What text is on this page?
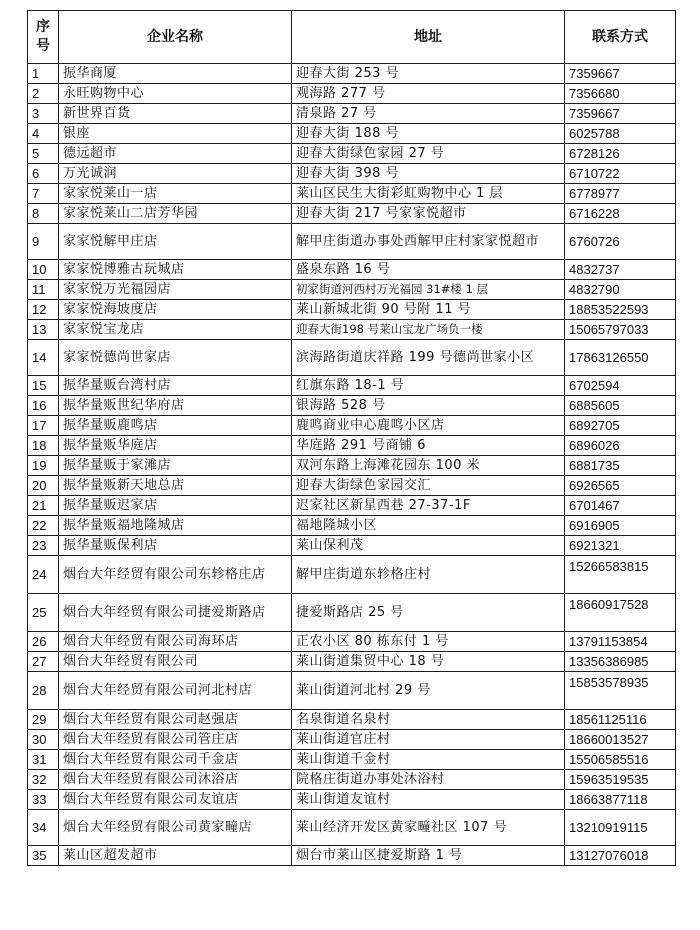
序号	企业名称	地址	联系方式
1	振华商厦	迎春大街 253 号	7359667
2	永旺购物中心	观海路 277 号	7356680
3	新世界百货	清泉路 27 号	7359667
4	银座	迎春大街 188 号	6025788
5	德远超市	迎春大街绿色家园 27 号	6728126
6	万光诚润	迎春大街 398 号	6710722
7	家家悦莱山一店	莱山区民生大街彩虹购物中心 1 层	6778977
8	家家悦莱山二店芳华园	迎春大街 217 号家家悦超市	6716228
9	家家悦解甲庄店	解甲庄街道办事处西解甲庄村家家悦超市	6760726
10	家家悦博雅古玩城店	盛泉东路 16 号	4832737
11	家家悦万光福园店	初家街道河西村万光福园 31#楼 1 层	4832790
12	家家悦海坡度店	莱山新城北街 90 号附 11 号	18853522593
13	家家悦宝龙店	迎春大街198 号莱山宝龙广场负一楼	15065797033
14	家家悦德尚世家店	滨海路街道庆祥路 199 号德尚世家小区	17863126550
15	振华量贩台湾村店	红旗东路 18-1 号	6702594
16	振华量贩世纪华府店	银海路 528 号	6885605
17	振华量贩鹿鸣店	鹿鸣商业中心鹿鸣小区店	6892705
18	振华量贩华庭店	华庭路 291 号商铺 6	6896026
19	振华量贩于家滩店	双河东路上海滩花园东 100 米	6881735
20	振华量贩新天地总店	迎春大街绿色家园交汇	6926565
21	振华量贩迟家店	迟家社区新星西巷 27-37-1F	6701467
22	振华量贩福地隆城店	福地隆城小区	6916905
23	振华量贩保利店	莱山保利茂	6921321
24	烟台大年经贸有限公司东轸格庄店	解甲庄街道东轸格庄村	15266583815
25	烟台大年经贸有限公司捷爱斯路店	捷爱斯路店 25 号	18660917528
26	烟台大年经贸有限公司海环店	正农小区 80 栋东付 1 号	13791153854
27	烟台大年经贸有限公司	莱山街道集贸中心 18 号	13356386985
28	烟台大年经贸有限公司河北村店	莱山街道河北村 29 号	15853578935
29	烟台大年经贸有限公司赵强店	名泉街道名泉村	18561125116
30	烟台大年经贸有限公司管庄店	莱山街道官庄村	18660013527
31	烟台大年经贸有限公司千金店	莱山街道千金村	15506585516
32	烟台大年经贸有限公司沐浴店	院格庄街道办事处沐浴村	15963519535
33	烟台大年经贸有限公司友谊店	莱山街道友谊村	18663877118
34	烟台大年经贸有限公司黄家疃店	莱山经济开发区黄家疃社区 107 号	13210919115
35	莱山区超发超市	烟台市莱山区捷爱斯路 1 号	13127076018
